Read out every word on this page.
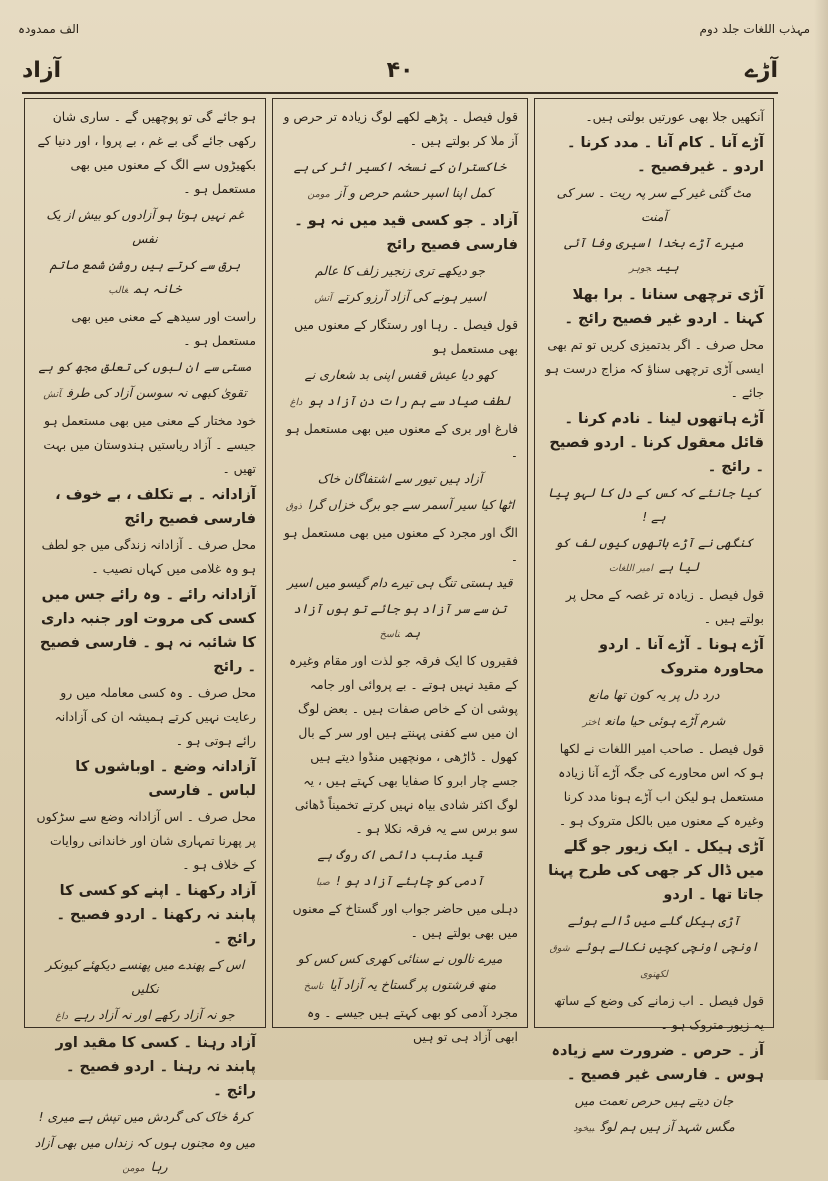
مہذب اللغات جلد دوم
الف ممدودہ
آڑے
۴۰
آزاد
آنکھیں جلا بھی عورتیں بولتی ہیں۔
آڑے آنا ۔ کام آنا ۔ مدد کرنا ۔ اردو ۔ غیرفصیح ۔
مٹ گئی غیر کے سر پہ ریت ۔ سر کی آمنت
میرے آڑے بخدا اسیری وفا آئی ہیںجوہر
آڑی ترچھی سنانا ۔ برا بھلا کہنا ۔ اردو غیر فصیح رائج ۔
محل صرف ۔ اگر بدتمیزی کریں تو تم بھی ایسی آڑی ترچھی سناؤ کہ مزاج درست ہو جائے ۔
آڑے ہاتھوں لینا ۔ نادم کرنا ۔ قائل معقول کرنا ۔ اردو فصیح ۔ رائج ۔
کیا جانئے کہ کس کے دل کا لہو پیا ہے !
کنگھی نے آڑے ہاتھوں کیوں لف کو لیا ہےامیر اللغات
قول فیصل ۔ زیادہ تر غصہ کے محل پر بولتے ہیں ۔
آڑے ہونا ۔ آڑے آنا ۔ اردو محاورہ متروک
درد دل پر یہ کون تھا مانع
شرم آڑے ہوئی حیا مانعاختر
قول فیصل ۔ صاحب امیر اللغات نے لکھا ہو کہ اس محاورے کی جگہ آڑے آنا زیادہ مستعمل ہو لیکن اب آڑے ہونا مدد کرنا وغیرہ کے معنوں میں بالکل متروک ہو ۔
آڑی ہیکل ۔ ایک زیور جو گلے میں ڈال کر جھی کی طرح پہنا جاتا تھا ۔ اردو
آڑی ہیکل گلے میں ڈالے ہوئے
اونچی اونچی کچیں نکالے ہوئےشوق لکھنوی
قول فیصل ۔ اب زمانے کی وضع کے ساتھ یہ زیور متروک ہو ۔
آز ۔ حرص ۔ ضرورت سے زیادہ ہوس ۔ فارسی غیر فصیح ۔
جان دیتے ہیں حرص نعمت میں
مگس شہد آز ہیں ہم لوگبیخود
قول فیصل ۔ پڑھے لکھے لوگ زیادہ تر حرص و آز ملا کر بولتے ہیں ۔
خاکستران کے نسخہ اکسیر اثر کی ہے
کمل اپنا اسپر حشم حرص و آزمومن
آزاد ۔ جو کسی قید میں نہ ہو ۔ فارسی فصیح رائج
جو دیکھے تری زنجیر زلف کا عالم
اسیر ہونے کی آزاد آرزو کرتےآتش
قول فیصل ۔ رہا اور رستگار کے معنوں میں بھی مستعمل ہو
کھو دیا عیش قفس اپنی بد شعاری نے
لطف صیاد سے ہم رات دن آزاد ہوداغ
فارغ اور بری کے معنوں میں بھی مستعمل ہو ۔
آزاد ہیں تیور سے اشتفاگان خاک
اٹھا کیا سیر آسمر سے جو برگ خزاں گراذوق
الگ اور مجرد کے معنوں میں بھی مستعمل ہو ۔
قید ہستی تنگ ہی تیرے دام گیسو میں اسیر
تن سے سر آزاد ہو جائے تو ہوں آزاد ہمناسخ
فقیروں کا ایک فرقہ جو لذت اور مقام وغیرہ کے مقید نہیں ہوتے ۔ بے پروائی اور جامہ پوشی ان کے خاص صفات ہیں ۔ بعض لوگ ان میں سے کفنی پہنتے ہیں اور سر کے بال کھول ۔ ڈاڑھی ، مونچھیں منڈوا دیتے ہیں جسے چار ابرو کا صفایا بھی کہتے ہیں ، یہ لوگ اکثر شادی بیاہ نہیں کرتے تخمیناً ڈھائی سو برس سے یہ فرقہ نکلا ہو ۔
قید مذہب دائمی اک روگ ہے
آدمی کو چاہئے آزاد ہو !صبا
دہلی میں حاضر جواب اور گستاخ کے معنوں میں بھی بولتے ہیں ۔
میرے نالوں نے سنائی کھری کس کس کو
منھ فرشتوں پر گستاخ یہ آزاد آیاناسخ
مجرد آدمی کو بھی کہتے ہیں جیسے ۔ وہ ابھی آزاد ہی تو ہیں
ہو جائے گی تو پوچھیں گے ۔ ساری شان رکھی جائے گی بے غم ، بے پروا ، اور دنیا کے بکھیڑوں سے الگ کے معنوں میں بھی مستعمل ہو ۔
غم نہیں ہوتا ہو آزادوں کو بیش از یک نفس
برق سے کرتے ہیں روشن شمع ماتم خانہ ہمغالب
راست اور سیدھے کے معنی میں بھی مستعمل ہو ۔
مستی سے ان لبوں کی تعلق مجھ کو ہے
تقویٰ کبھی نہ سوسن آزاد کی طرفآتش
خود مختار کے معنی میں بھی مستعمل ہو جیسے ۔ آزاد ریاستیں ہندوستان میں بہت تھیں ۔
آزادانہ ۔ بے تکلف ، بے خوف ، فارسی فصیح رائج
محل صرف ۔ آزادانہ زندگی میں جو لطف ہو وہ غلامی میں کہاں نصیب ۔
آزادانہ رائے ۔ وہ رائے جس میں کسی کی مروت اور جنبہ داری کا شائبہ نہ ہو ۔ فارسی فصیح ۔ رائج
محل صرف ۔ وہ کسی معاملہ میں رو رعایت نہیں کرتے ہمیشہ ان کی آزادانہ رائے ہوتی ہو ۔
آزادانہ وضع ۔ اوباشوں کا لباس ۔ فارسی
محل صرف ۔ اس آزادانہ وضع سے سڑکوں پر پھرنا تمہاری شان اور خاندانی روایات کے خلاف ہو ۔
آزاد رکھنا ۔ اپنے کو کسی کا پابند نہ رکھنا ۔ اردو فصیح ۔ رائج ۔
اس کے پھندے میں پھنسے دیکھئے کیونکر نکلیں
جو نہ آزاد رکھے اور نہ آزاد رہےداغ
آزاد رہنا ۔ کسی کا مقید اور پابند نہ رہنا ۔ اردو فصیح ۔ رائج ۔
کرۂ خاک کی گردش میں تپش ہے میری !
میں وہ مجنوں ہوں کہ زنداں میں بھی آزاد رہامومن
